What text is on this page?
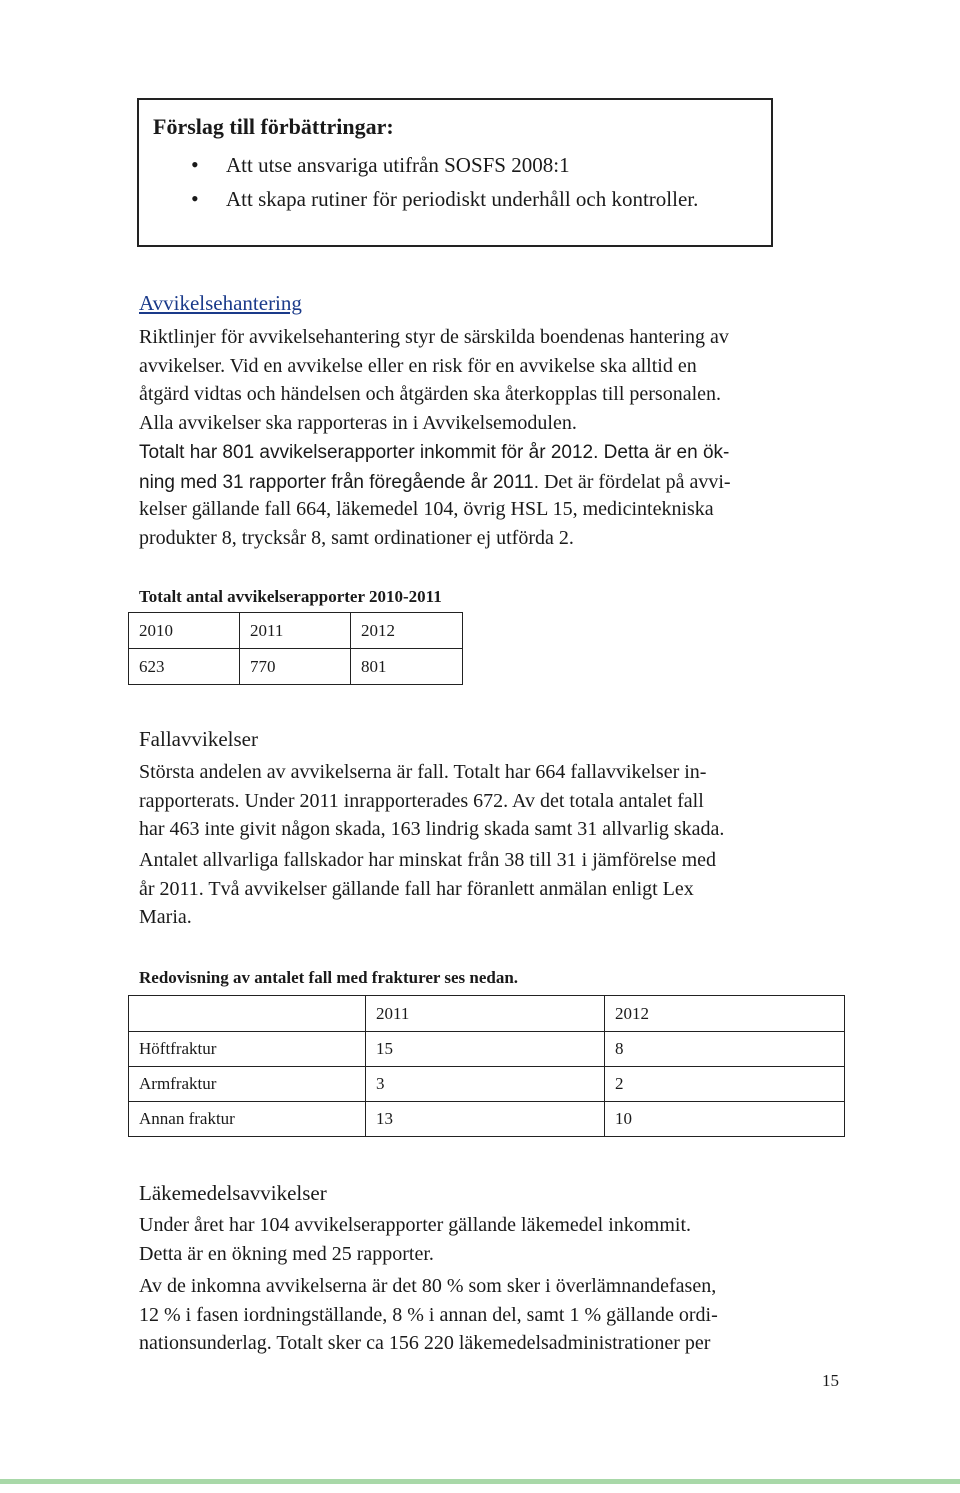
Förslag till förbättringar:
• Att utse ansvariga utifrån SOSFS 2008:1
• Att skapa rutiner för periodiskt underhåll och kontroller.
Avvikelsehantering
Riktlinjer för avvikelsehantering styr de särskilda boendenas hantering av
avvikelser. Vid en avvikelse eller en risk för en avvikelse ska alltid en
åtgärd vidtas och händelsen och åtgärden ska återkopplas till personalen.
Alla avvikelser ska rapporteras in i Avvikelsemodulen.
Totalt har 801 avvikelserapporter inkommit för år 2012. Detta är en ök-
ning med 31 rapporter från föregående år 2011. Det är fördelat på avvi-
kelser gällande fall 664, läkemedel 104, övrig HSL 15, medicintekniska
produkter 8, trycksår 8, samt ordinationer ej utförda 2.
Totalt antal avvikelserapporter 2010-2011
2010	2011	2012
623	770	801
Fallavvikelser
Största andelen av avvikelserna är fall. Totalt har 664 fallavvikelser in-
rapporterats. Under 2011 inrapporterades 672. Av det totala antalet fall
har 463 inte givit någon skada, 163 lindrig skada samt 31 allvarlig skada.
Antalet allvarliga fallskador har minskat från 38 till 31 i jämförelse med
år 2011. Två avvikelser gällande fall har föranlett anmälan enligt Lex
Maria.
Redovisning av antalet fall med frakturer ses nedan.
	2011	2012
Höftfraktur	15	8
Armfraktur	3	2
Annan fraktur	13	10
Läkemedelsavvikelser
Under året har 104 avvikelserapporter gällande läkemedel inkommit.
Detta är en ökning med 25 rapporter.
Av de inkomna avvikelserna är det 80 % som sker i överlämnandefasen,
12 % i fasen iordningställande, 8 % i annan del, samt 1 % gällande ordi-
nationsunderlag. Totalt sker ca 156 220 läkemedelsadministrationer per
15
